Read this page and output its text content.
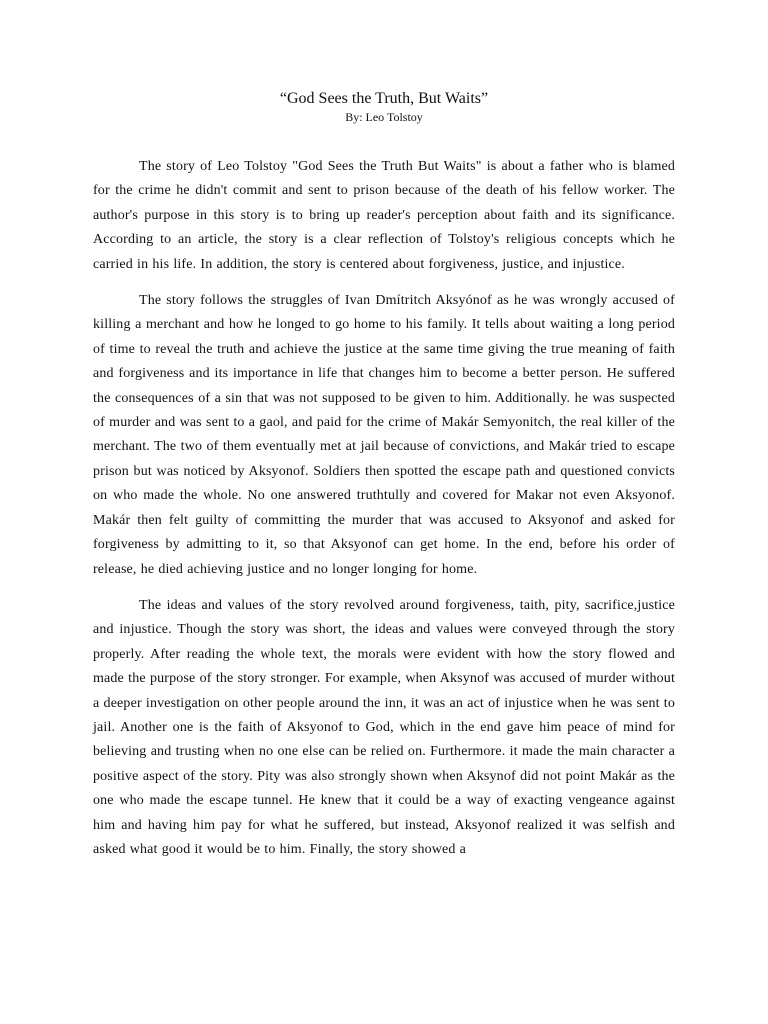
“God Sees the Truth, But Waits”

By: Leo Tolstoy

The story of Leo Tolstoy "God Sees the Truth But Waits" is about a father who is blamed for the crime he didn't commit and sent to prison because of the death of his fellow worker. The author's purpose in this story is to bring up reader's perception about faith and its significance. According to an article, the story is a clear reflection of Tolstoy's religious concepts which he carried in his life. In addition, the story is centered about forgiveness, justice, and injustice.

The story follows the struggles of Ivan Dmítritch Aksyónof as he was wrongly accused of killing a merchant and how he longed to go home to his family. It tells about waiting a long period of time to reveal the truth and achieve the justice at the same time giving the true meaning of faith and forgiveness and its importance in life that changes him to become a better person. He suffered the consequences of a sin that was not supposed to be given to him. Additionally. he was suspected of murder and was sent to a gaol, and paid for the crime of Makár Semyonitch, the real killer of the merchant. The two of them eventually met at jail because of convictions, and Makár tried to escape prison but was noticed by Aksyonof. Soldiers then spotted the escape path and questioned convicts on who made the whole. No one answered truthtully and covered for Makar not even Aksyonof. Makár then felt guilty of committing the murder that was accused to Aksyonof and asked for forgiveness by admitting to it, so that Aksyonof can get home. In the end, before his order of release, he died achieving justice and no longer longing for home.

The ideas and values of the story revolved around forgiveness, taith, pity, sacrifice,justice and injustice. Though the story was short, the ideas and values were conveyed through the story properly. After reading the whole text, the morals were evident with how the story flowed and made the purpose of the story stronger. For example, when Aksynof was accused of murder without a deeper investigation on other people around the inn, it was an act of injustice when he was sent to jail. Another one is the faith of Aksyonof to God, which in the end gave him peace of mind for believing and trusting when no one else can be relied on. Furthermore. it made the main character a positive aspect of the story. Pity was also strongly shown when Aksynof did not point Makár as the one who made the escape tunnel. He knew that it could be a way of exacting vengeance against him and having him pay for what he suffered, but instead, Aksyonof realized it was selfish and asked what good it would be to him. Finally, the story showed a
